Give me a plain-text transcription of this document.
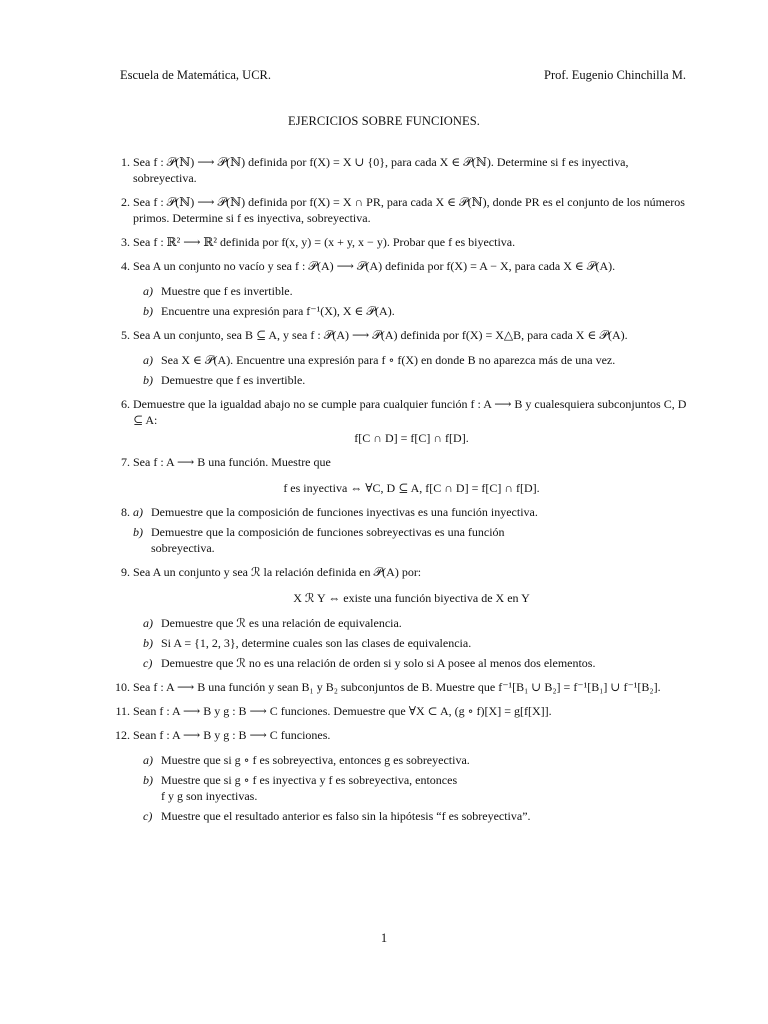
Escuela de Matemática, UCR.	Prof. Eugenio Chinchilla M.
EJERCICIOS SOBRE FUNCIONES.
1. Sea f : 𝒫(ℕ) ⟶ 𝒫(ℕ) definida por f(X) = X ∪ {0}, para cada X ∈ 𝒫(ℕ). Determine si f es inyectiva, sobreyectiva.

2. Sea f : 𝒫(ℕ) ⟶ 𝒫(ℕ) definida por f(X) = X ∩ PR, para cada X ∈ 𝒫(ℕ), donde PR es el conjunto de los números primos. Determine si f es inyectiva, sobreyectiva.

3. Sea f : ℝ² ⟶ ℝ² definida por f(x, y) = (x + y, x − y). Probar que f es biyectiva.

4. Sea A un conjunto no vacío y sea f : 𝒫(A) ⟶ 𝒫(A) definida por f(X) = A − X, para cada X ∈ 𝒫(A).

a) Muestre que f es invertible.
b) Encuentre una expresión para f⁻¹(X), X ∈ 𝒫(A).
5. Sea A un conjunto, sea B ⊆ A, y sea f : 𝒫(A) ⟶ 𝒫(A) definida por f(X) = X△B, para cada X ∈ 𝒫(A).

a) Sea X ∈ 𝒫(A). Encuentre una expresión para f ∘ f(X) en donde B no aparezca más de una vez.
b) Demuestre que f es invertible.
6. Demuestre que la igualdad abajo no se cumple para cualquier función f : A ⟶ B y cualesquiera subconjuntos C, D ⊆ A:

f[C ∩ D] = f[C] ∩ f[D].
7. Sea f : A ⟶ B una función. Muestre que

f es inyectiva ⇔ ∀C, D ⊆ A, f[C ∩ D] = f[C] ∩ f[D].
8. a) Demuestre que la composición de funciones inyectivas es una función inyectiva.
b) Demuestre que la composición de funciones sobreyectivas es una función sobreyectiva.
9. Sea A un conjunto y sea ℛ la relación definida en 𝒫(A) por:

X ℛ Y ⇔ existe una función biyectiva de X en Y
a) Demuestre que ℛ es una relación de equivalencia.
b) Si A = {1, 2, 3}, determine cuales son las clases de equivalencia.
c) Demuestre que ℛ no es una relación de orden si y solo si A posee al menos dos elementos.
10. Sea f : A ⟶ B una función y sean B₁ y B₂ subconjuntos de B. Muestre que f⁻¹[B₁ ∪ B₂] = f⁻¹[B₁] ∪ f⁻¹[B₂].

11. Sean f : A ⟶ B y g : B ⟶ C funciones. Demuestre que ∀X ⊂ A, (g ∘ f)[X] = g[f[X]].

12. Sean f : A ⟶ B y g : B ⟶ C funciones.

a) Muestre que si g ∘ f es sobreyectiva, entonces g es sobreyectiva.
b) Muestre que si g ∘ f es inyectiva y f es sobreyectiva, entonces f y g son inyectivas.
c) Muestre que el resultado anterior es falso sin la hipótesis “f es sobreyectiva”.
1
